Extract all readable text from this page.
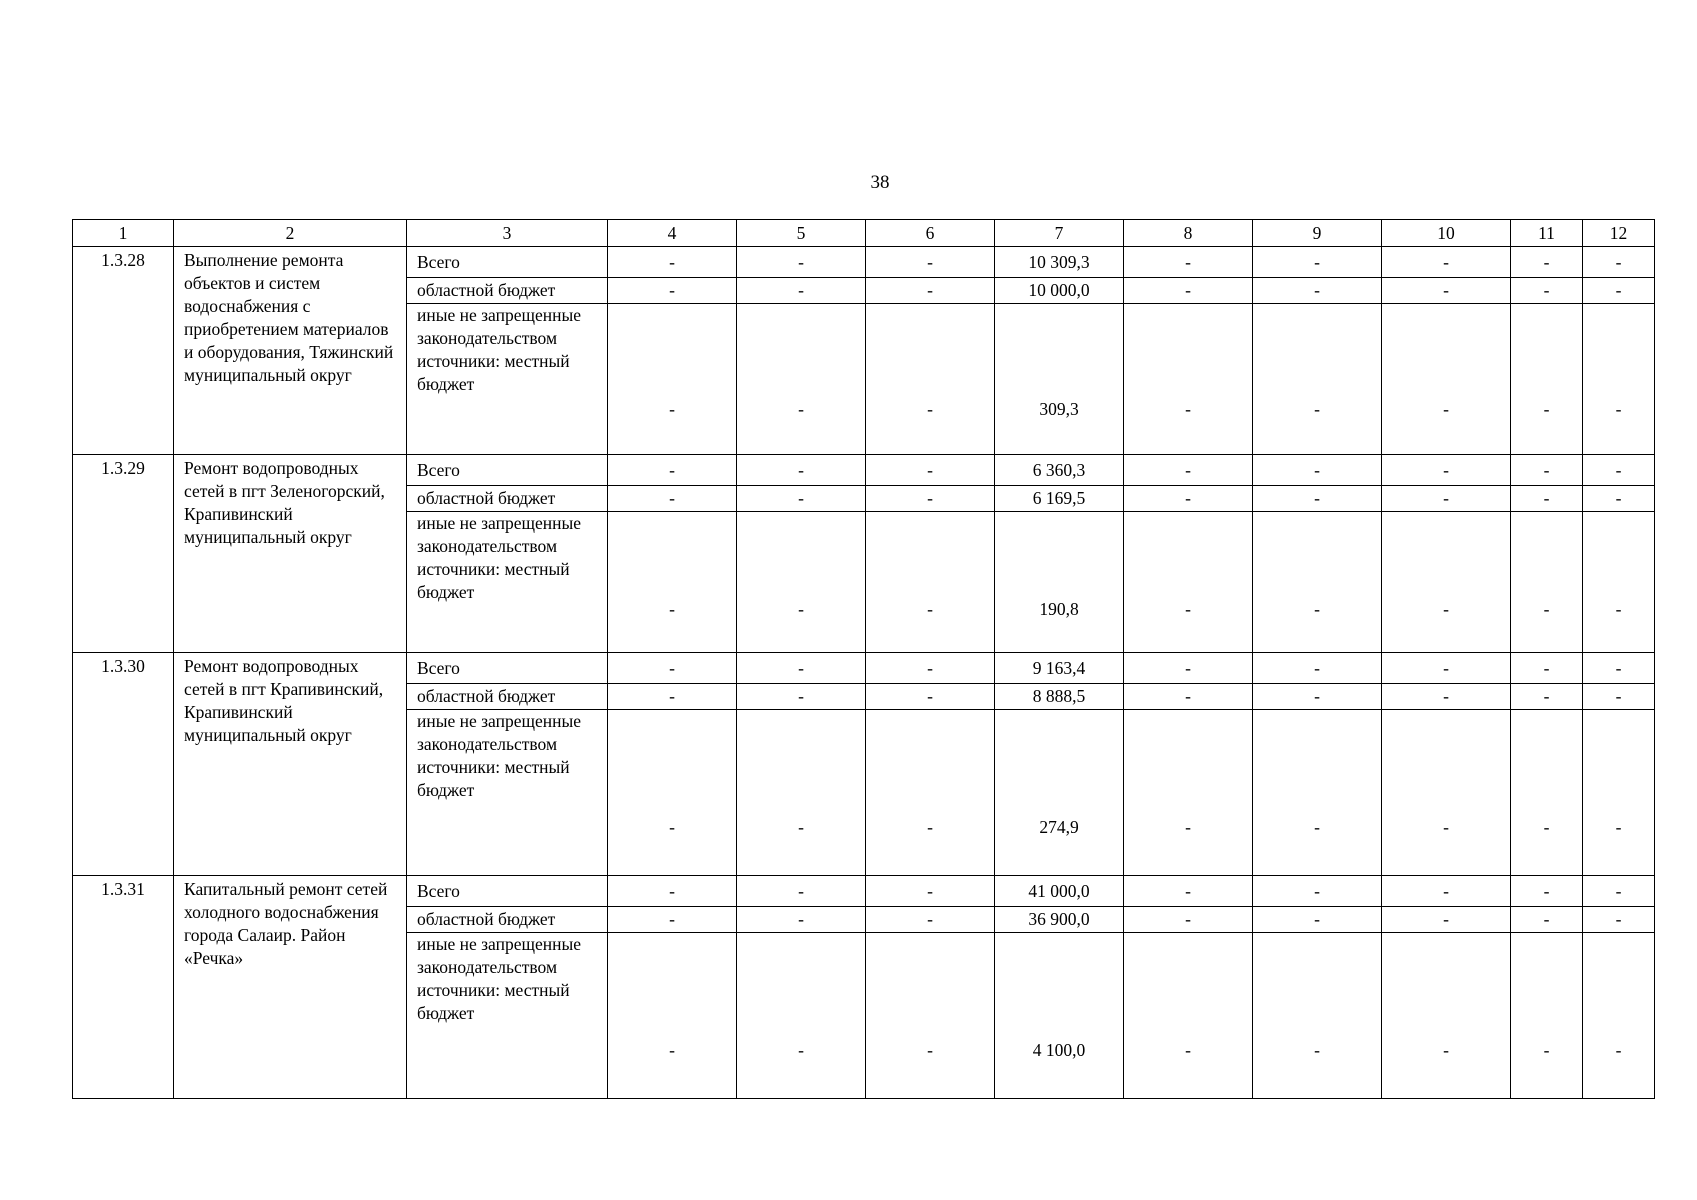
38
1	2	3	4	5	6	7	8	9	10	11	12
1.3.28	Выполнение ремонта объектов и систем водоснабжения с приобретением материалов и оборудования, Тяжинский муниципальный округ	Всего	-	-	-	10 309,3	-	-	-	-	-
		областной бюджет	-	-	-	10 000,0	-	-	-	-	-
		иные не запрещенные законодательством источники: местный бюджет	-	-	-	309,3	-	-	-	-	-
1.3.29	Ремонт водопроводных сетей в пгт Зеленогорский, Крапивинский муниципальный округ	Всего	-	-	-	6 360,3	-	-	-	-	-
		областной бюджет	-	-	-	6 169,5	-	-	-	-	-
		иные не запрещенные законодательством источники: местный бюджет	-	-	-	190,8	-	-	-	-	-
1.3.30	Ремонт водопроводных сетей в пгт Крапивинский, Крапивинский муниципальный округ	Всего	-	-	-	9 163,4	-	-	-	-	-
		областной бюджет	-	-	-	8 888,5	-	-	-	-	-
		иные не запрещенные законодательством источники: местный бюджет	-	-	-	274,9	-	-	-	-	-
1.3.31	Капитальный ремонт сетей холодного водоснабжения города Салаир. Район «Речка»	Всего	-	-	-	41 000,0	-	-	-	-	-
		областной бюджет	-	-	-	36 900,0	-	-	-	-	-
		иные не запрещенные законодательством источники: местный бюджет	-	-	-	4 100,0	-	-	-	-	-
